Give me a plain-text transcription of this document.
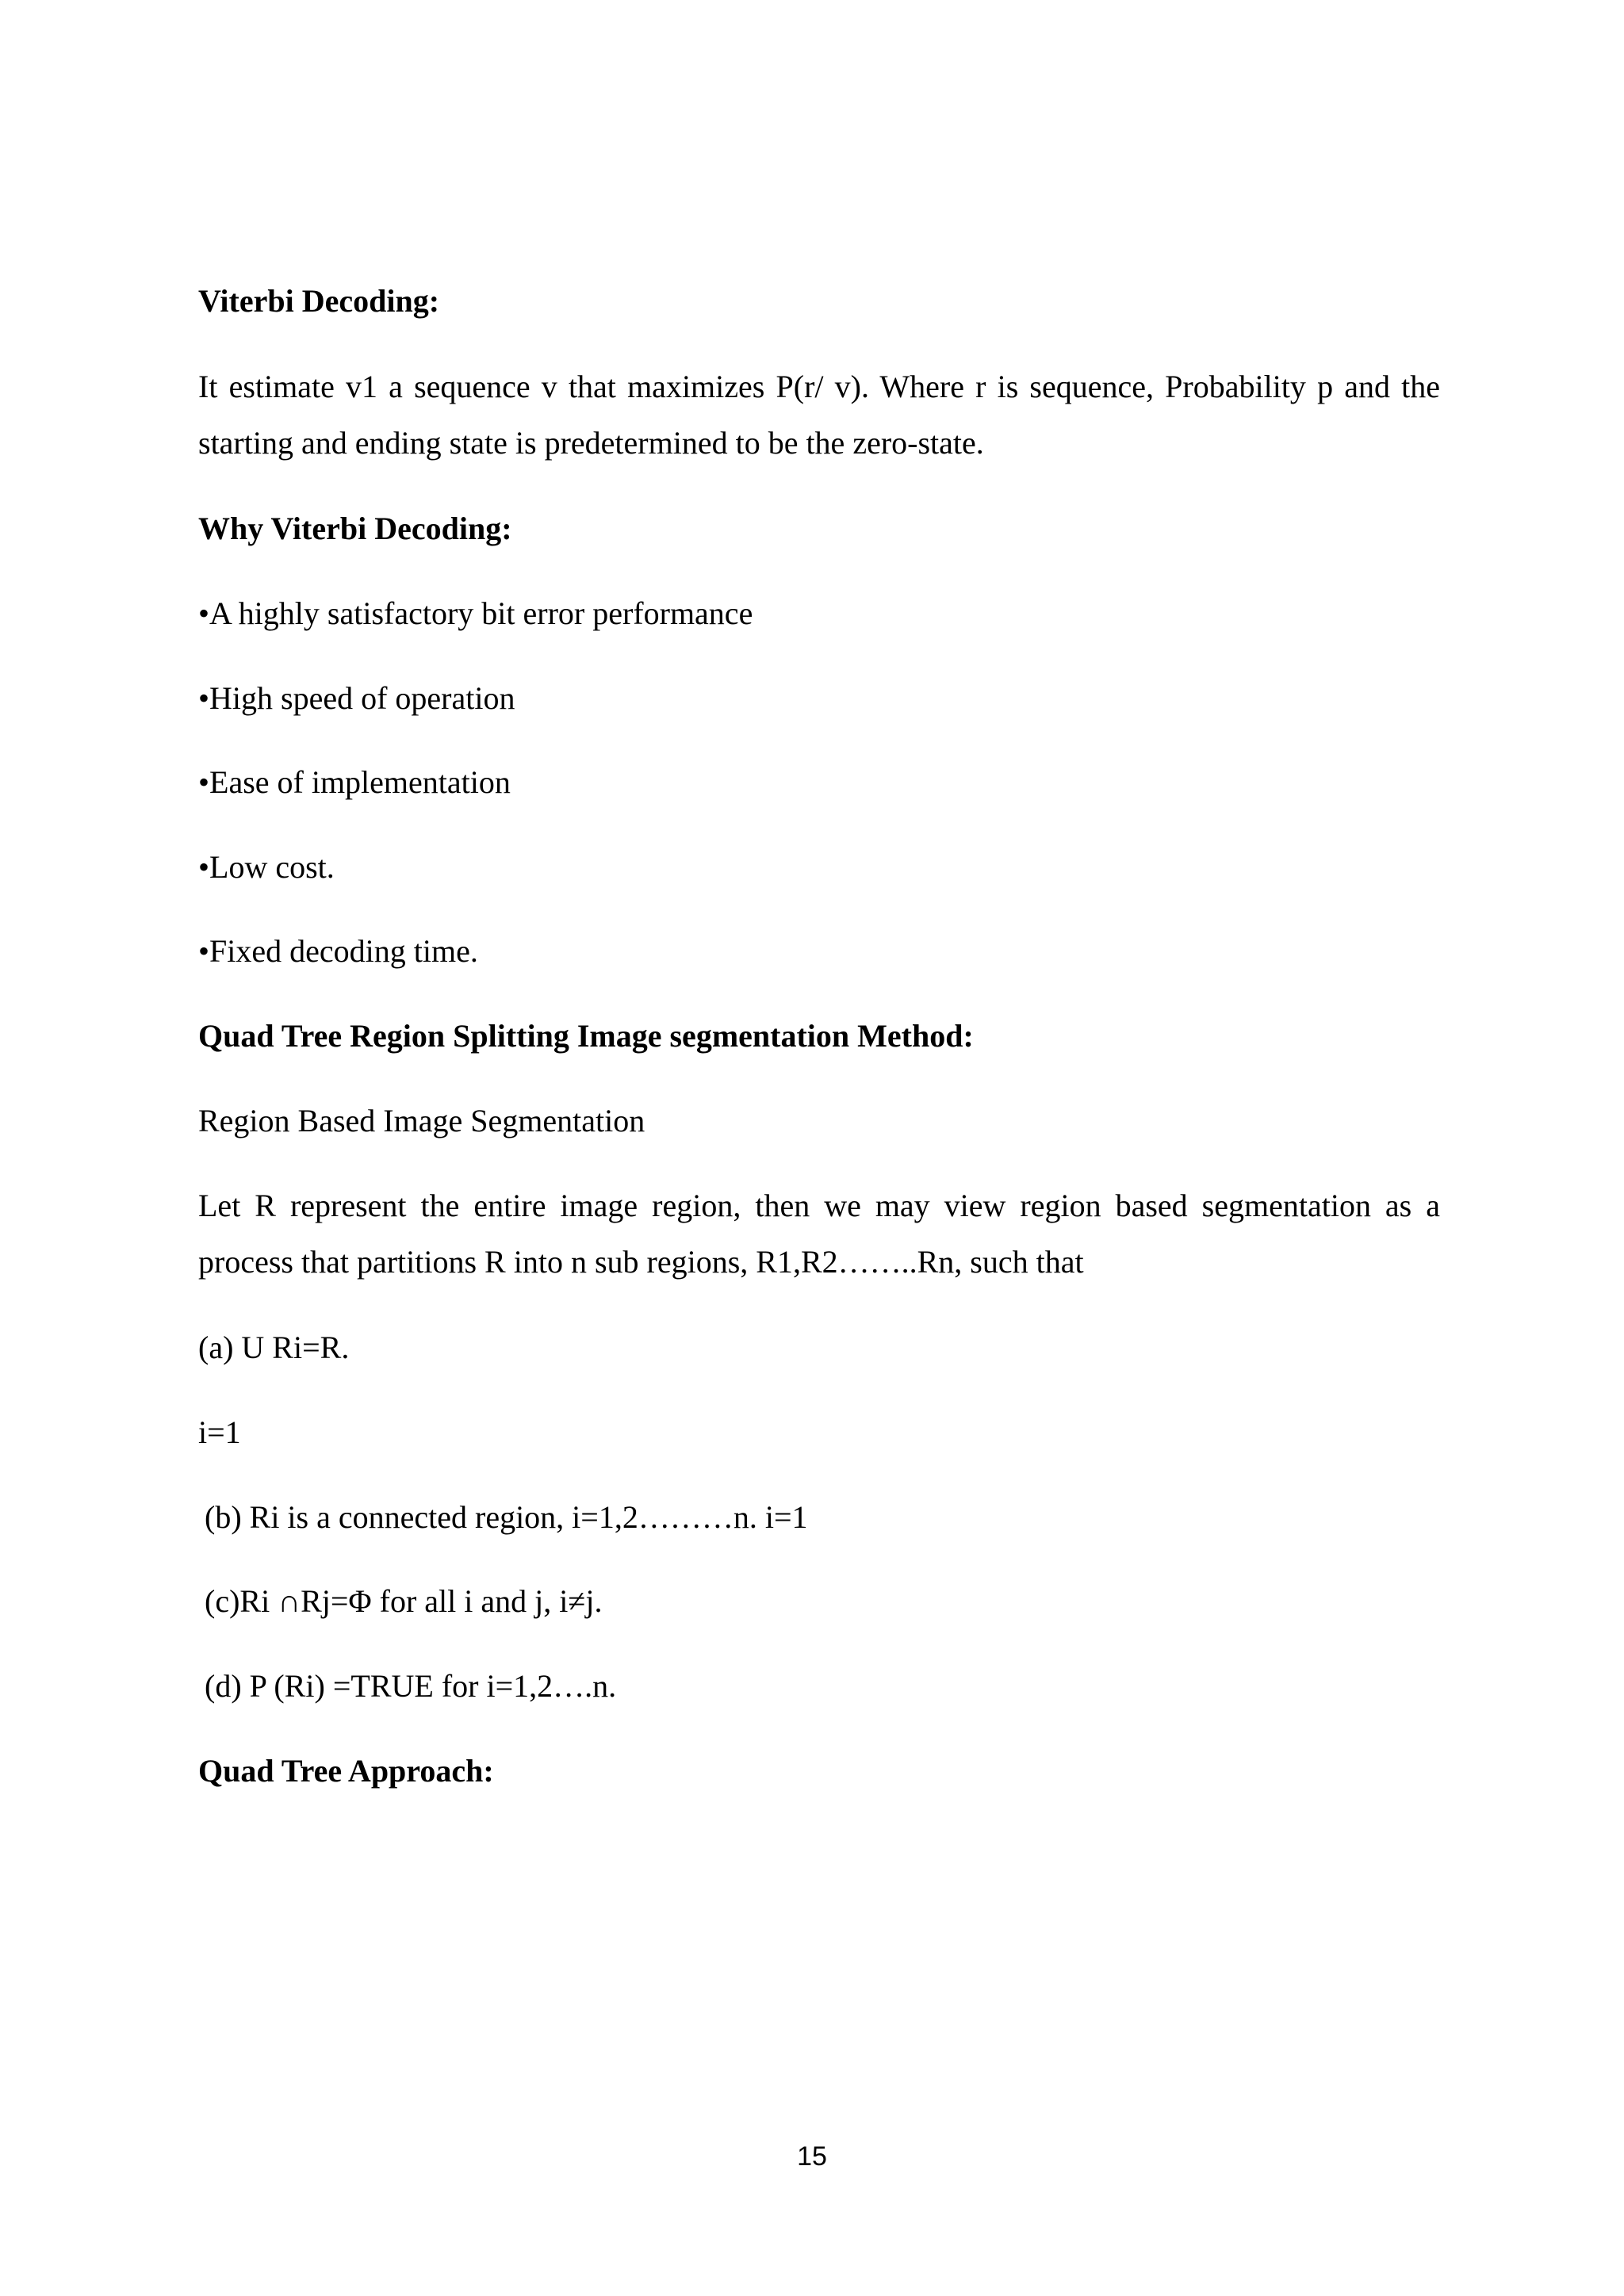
Viterbi Decoding:
It estimate v1 a sequence v that maximizes P(r/ v). Where r is sequence, Probability p and the
starting and ending state is predetermined to be the zero-state.
Why Viterbi Decoding:
•A highly satisfactory bit error performance
•High speed of operation
•Ease of implementation
•Low cost.
•Fixed decoding time.
Quad Tree Region Splitting Image segmentation Method:
Region Based Image Segmentation
Let R represent the entire image region, then we may view region based segmentation as a
process that partitions R into n sub regions, R1,R2……..Rn, such that
(a) U Ri=R.
i=1
(b) Ri is a connected region, i=1,2………n. i=1
(c)Ri ∩Rj=Φ for all i and j, i≠j.
(d) P (Ri) =TRUE for i=1,2….n.
Quad Tree Approach:
15
